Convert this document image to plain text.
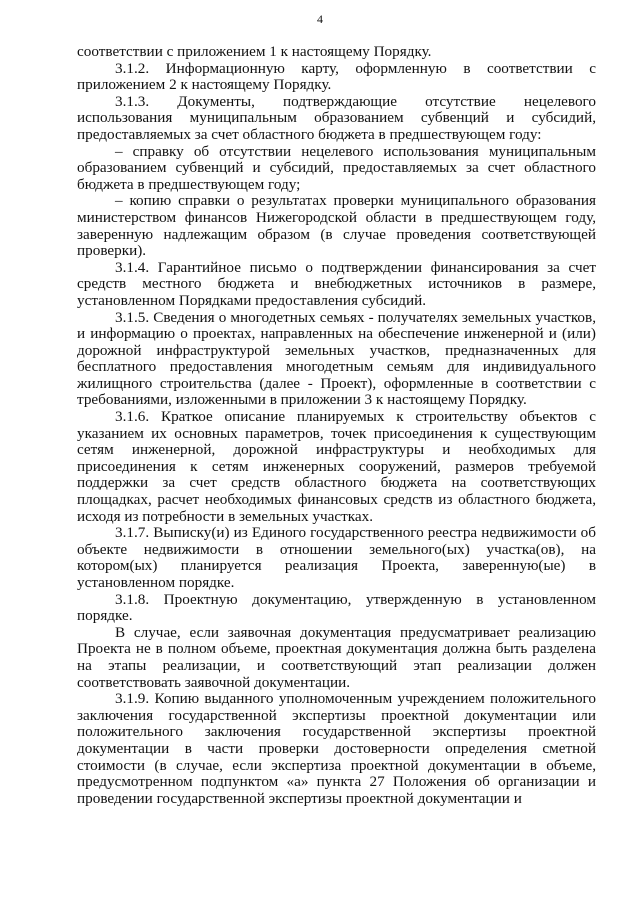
4

соответствии с приложением 1 к настоящему Порядку.

3.1.2. Информационную карту, оформленную в соответствии с приложением 2 к настоящему Порядку.

3.1.3. Документы, подтверждающие отсутствие нецелевого использования муниципальным образованием субвенций и субсидий, предоставляемых за счет областного бюджета в предшествующем году:

– справку об отсутствии нецелевого использования муниципальным образованием субвенций и субсидий, предоставляемых за счет областного бюджета в предшествующем году;

– копию справки о результатах проверки муниципального образования министерством финансов Нижегородской области в предшествующем году, заверенную надлежащим образом (в случае проведения соответствующей проверки).

3.1.4. Гарантийное письмо о подтверждении финансирования за счет средств местного бюджета и внебюджетных источников в размере, установленном Порядками предоставления субсидий.

3.1.5. Сведения о многодетных семьях - получателях земельных участков, и информацию о проектах, направленных на обеспечение инженерной и (или) дорожной инфраструктурой земельных участков, предназначенных для бесплатного предоставления многодетным семьям для индивидуального жилищного строительства (далее - Проект), оформленные в соответствии с требованиями, изложенными в приложении 3 к настоящему Порядку.

3.1.6. Краткое описание планируемых к строительству объектов с указанием их основных параметров, точек присоединения к существующим сетям инженерной, дорожной инфраструктуры и необходимых для присоединения к сетям инженерных сооружений, размеров требуемой поддержки за счет средств областного бюджета на соответствующих площадках, расчет необходимых финансовых средств из областного бюджета, исходя из потребности в земельных участках.

3.1.7. Выписку(и) из Единого государственного реестра недвижимости об объекте недвижимости в отношении земельного(ых) участка(ов), на котором(ых) планируется реализация Проекта, заверенную(ые) в установленном порядке.

3.1.8. Проектную документацию, утвержденную в установленном порядке.

В случае, если заявочная документация предусматривает реализацию Проекта не в полном объеме, проектная документация должна быть разделена на этапы реализации, и соответствующий этап реализации должен соответствовать заявочной документации.

3.1.9. Копию выданного уполномоченным учреждением положительного заключения государственной экспертизы проектной документации или положительного заключения государственной экспертизы проектной документации в части проверки достоверности определения сметной стоимости (в случае, если экспертиза проектной документации в объеме, предусмотренном подпунктом «а» пункта 27 Положения об организации и проведении государственной экспертизы проектной документации и
